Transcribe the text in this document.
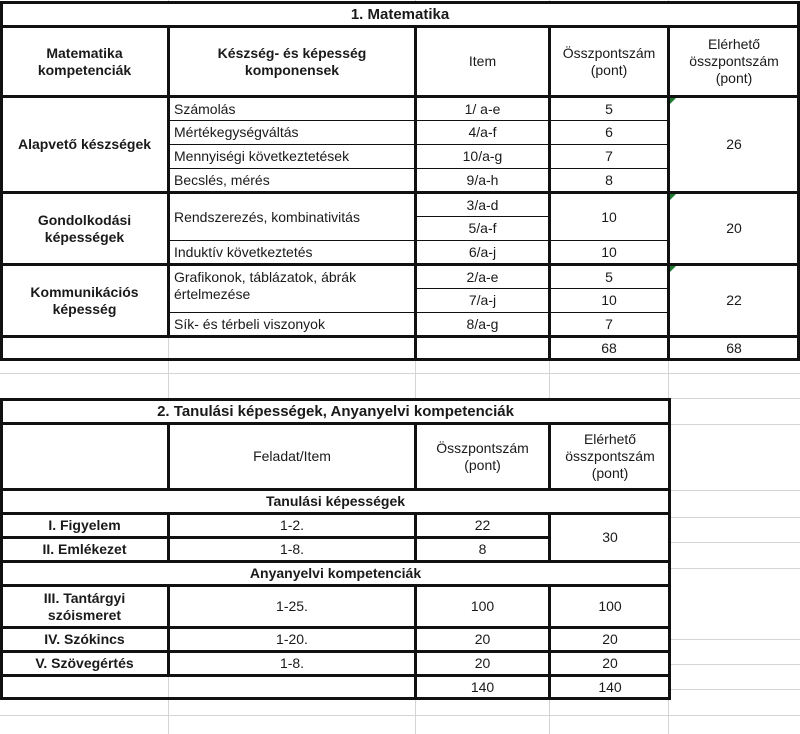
1. Matematika				
Matematika kompetenciák	Készség- és képesség komponensek	Item	Összpontszám (pont)	Elérhető összpontszám (pont)
Alapvető készségek	Számolás	1/ a-e	5	26
	Mértékegységváltás	4/a-f	6	
	Mennyiségi következtetések	10/a-g	7	
	Becslés, mérés	9/a-h	8	
Gondolkodási képességek	Rendszerezés, kombinativitás	3/a-d	10	20
		5/a-f		
	Induktív következtetés	6/a-j	10	
Kommunikációs képesség	Grafikonok, táblázatok, ábrák értelmezése	2/a-e	5	22
		7/a-j	10	
	Sík- és térbeli viszonyok	8/a-g	7	
			68	68
2. Tanulási képességek, Anyanyelvi kompetenciák			
	Feladat/Item	Összpontszám (pont)	Elérhető összpontszám (pont)
Tanulási képességek			
I. Figyelem	1-2.	22	30
II. Emlékezet	1-8.	8	
Anyanyelvi kompetenciák			
III. Tantárgyi szóismeret	1-25.	100	100
IV. Szókincs	1-20.	20	20
V. Szövegértés	1-8.	20	20
		140	140
